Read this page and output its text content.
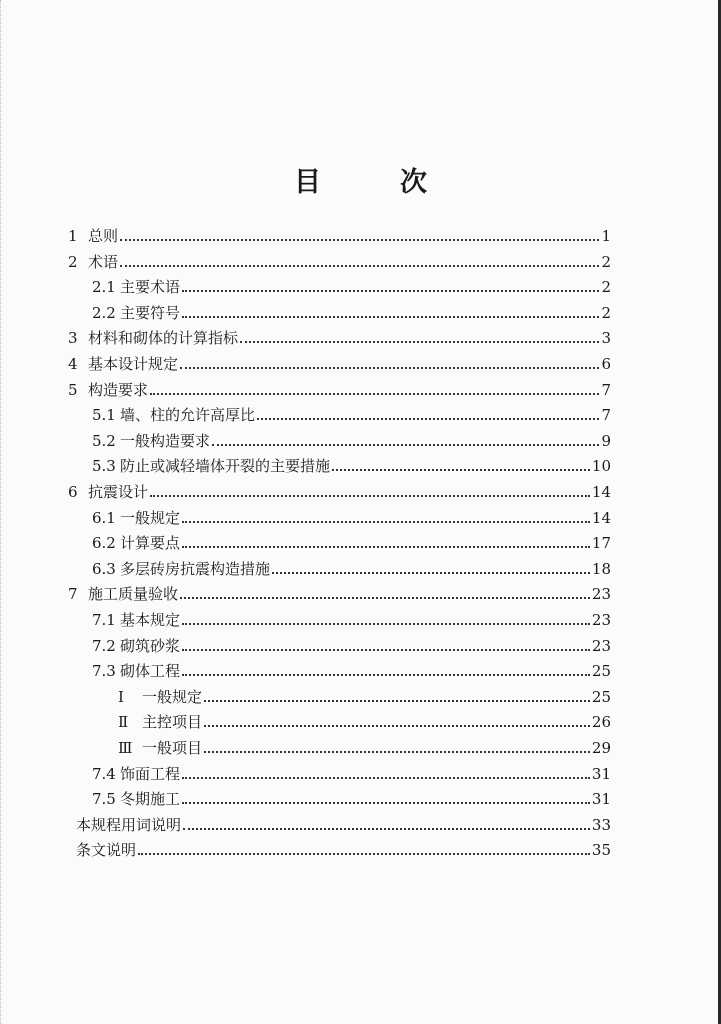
目　次
1 总则	1
2 术语	2
2.1 主要术语	2
2.2 主要符号	2
3 材料和砌体的计算指标	3
4 基本设计规定	6
5 构造要求	7
5.1 墙、柱的允许高厚比	7
5.2 一般构造要求	9
5.3 防止或减轻墙体开裂的主要措施	10
6 抗震设计	14
6.1 一般规定	14
6.2 计算要点	17
6.3 多层砖房抗震构造措施	18
7 施工质量验收	23
7.1 基本规定	23
7.2 砌筑砂浆	23
7.3 砌体工程	25
Ⅰ	一般规定	25
Ⅱ 主控项目	26
Ⅲ 一般项目	29
7.4 饰面工程	31
7.5 冬期施工	31
本规程用词说明	33
条文说明	35
